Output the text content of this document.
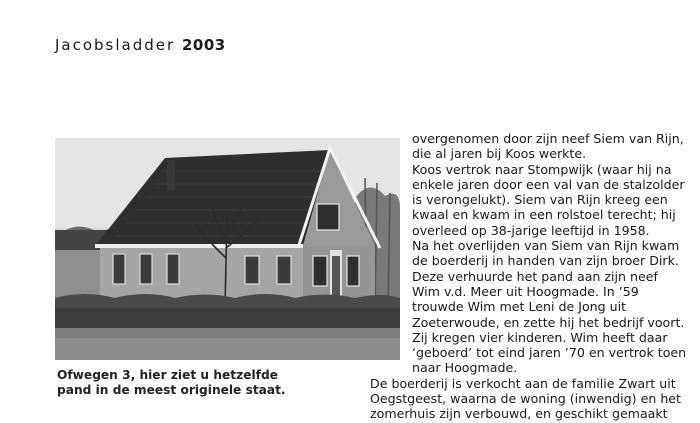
Jacobsladder 2003
Ofwegen 3, hier ziet u hetzelfde
pand in de meest originele staat.
overgenomen door zijn neef Siem van Rijn,
die al jaren bij Koos werkte.
Koos vertrok naar Stompwijk (waar hij na
enkele jaren door een val van de stalzolder
is verongelukt). Siem van Rijn kreeg een
kwaal en kwam in een rolstoel terecht; hij
overleed op 38-jarige leeftijd in 1958.
Na het overlijden van Siem van Rijn kwam
de boerderij in handen van zijn broer Dirk.
Deze verhuurde het pand aan zijn neef
Wim v.d. Meer uit Hoogmade. In ’59
trouwde Wim met Leni de Jong uit
Zoeterwoude, en zette hij het bedrijf voort.
Zij kregen vier kinderen. Wim heeft daar
‘geboerd’ tot eind jaren ’70 en vertrok toen
naar Hoogmade.
De boerderij is verkocht aan de familie Zwart uit
Oegstgeest, waarna de woning (inwendig) en het
zomerhuis zijn verbouwd, en geschikt gemaakt
